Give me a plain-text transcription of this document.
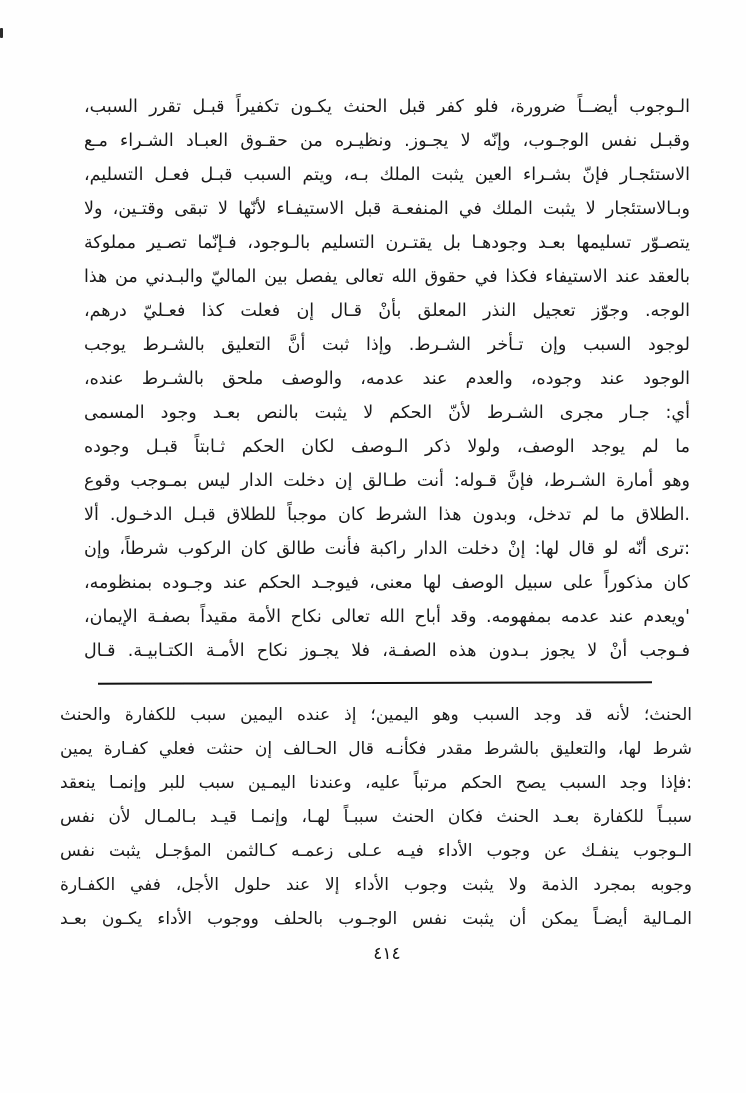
الـوجوب أيضــاً ضرورة، فلو كفر قبل الحنث يكـون تكفيراً قبـل تقرر السبب،
وقبـل نفس الوجـوب، وإنّه لا يجـوز. ونظيـره من حقـوق العبـاد الشـراء مـع
الاستئجـار فإنّ بشـراء العين يثبت الملك بـه، ويتم السبب قبـل فعـل التسليم،
وبـالاستئجار لا يثبت الملك في المنفعـة قبل الاستيفـاء لأنّها لا تبقى وقتـين، ولا
يتصـوّر تسليمها بعـد وجودهـا بل يقتـرن التسليم بالـوجود، فـإنّما تصـير مملوكة
بالعقد عند الاستيفاء فكذا في حقوق الله تعالى يفصل بين الماليّ والبـدني من هذا
الوجه. وجوّز تعجيل النذر المعلق بأنْ قـال إن فعلت كذا فعـليّ درهم،
لوجود السبب وإن تـأخر الشـرط. وإذا ثبت أنَّ التعليق بالشـرط يوجب
الوجود عند وجوده، والعدم عند عدمه، والوصف ملحق بالشـرط عنده،
أي: جـار مجرى الشـرط لأنّ الحكم لا يثبت بالنص بعـد وجود المسمى
ما لم يوجد الوصف، ولولا ذكر الـوصف لكان الحكم ثـابتاً قبـل وجوده
وهو أمارة الشـرط، فإنَّ قـوله: أنت طـالق إن دخلت الدار ليس بمـوجب وقوع
.الطلاق ما لم تدخل، وبدون هذا الشرط كان موجباً للطلاق قبـل الدخـول. ألا
:ترى أنّه لو قال لها: إنْ دخلت الدار راكبة فأنت طالق كان الركوب شرطاً، وإن
كان مذكوراً على سبيل الوصف لها معنى، فيوجـد الحكم عند وجـوده بمنظومه،
'ويعدم عند عدمه بمفهومه. وقد أباح الله تعالى نكاح الأمة مقيداً بصفـة الإيمان،
فـوجب أنْ لا يجوز بـدون هذه الصفـة، فلا يجـوز نكاح الأمـة الكتـابيـة. قـال
الحنث؛ لأنه قد وجد السبب وهو اليمين؛ إذ عنده اليمين سبب للكفارة والحنث
شرط لها، والتعليق بالشرط مقدر فكأنـه قال الحـالف إن حنثت فعلي كفـارة يمين
:فإذا وجد السبب يصح الحكم مرتباً عليه، وعندنا اليمـين سبب للبر وإنمـا ينعقد
سببـاً للكفارة بعـد الحنث فكان الحنث سببـاً لهـا، وإنمـا قيـد بـالمـال لأن نفس
الـوجوب ينفـك عن وجوب الأداء فيـه عـلى زعمـه كـالثمن المؤجـل يثبت نفس
وجوبه بمجرد الذمة ولا يثبت وجوب الأداء إلا عند حلول الأجل، ففي الكفـارة
المـالية أيضـاً يمكن أن يثبت نفس الوجـوب بالحلف ووجوب الأداء يكـون بعـد
٤١٤
